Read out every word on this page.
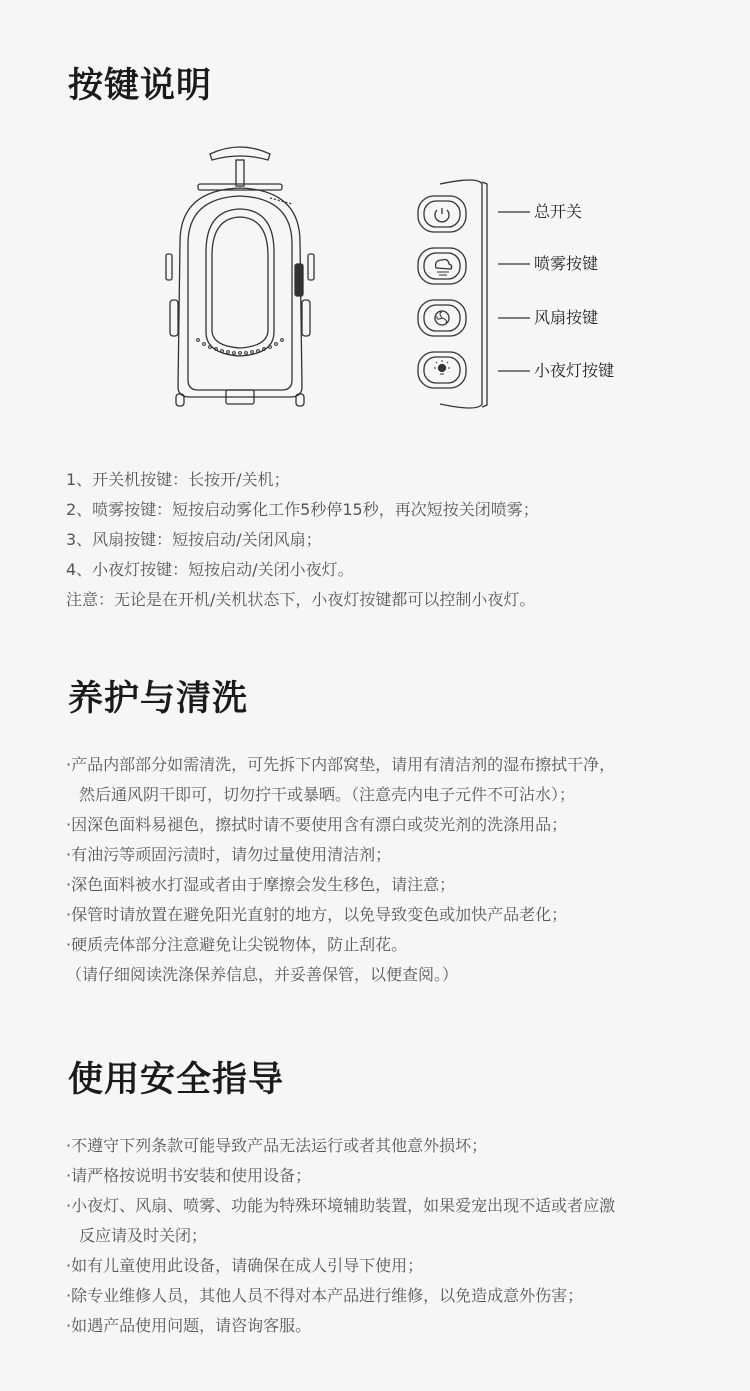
按键说明
总开关
喷雾按键
风扇按键
小夜灯按键
1、开关机按键：长按开/关机；
2、喷雾按键：短按启动雾化工作5秒停15秒，再次短按关闭喷雾；
3、风扇按键：短按启动/关闭风扇；
4、小夜灯按键：短按启动/关闭小夜灯。
注意：无论是在开机/关机状态下，小夜灯按键都可以控制小夜灯。
养护与清洗
·产品内部部分如需清洗，可先拆下内部窝垫，请用有清洁剂的湿布擦拭干净，
然后通风阴干即可，切勿拧干或暴晒。（注意壳内电子元件不可沾水）；
·因深色面料易褪色，擦拭时请不要使用含有漂白或荧光剂的洗涤用品；
·有油污等顽固污渍时，请勿过量使用清洁剂；
·深色面料被水打湿或者由于摩擦会发生移色，请注意；
·保管时请放置在避免阳光直射的地方，以免导致变色或加快产品老化；
·硬质壳体部分注意避免让尖锐物体，防止刮花。
（请仔细阅读洗涤保养信息，并妥善保管，以便查阅。）
使用安全指导
·不遵守下列条款可能导致产品无法运行或者其他意外损坏；
·请严格按说明书安装和使用设备；
·小夜灯、风扇、喷雾、功能为特殊环境辅助装置，如果爱宠出现不适或者应激
反应请及时关闭；
·如有儿童使用此设备，请确保在成人引导下使用；
·除专业维修人员，其他人员不得对本产品进行维修，以免造成意外伤害；
·如遇产品使用问题，请咨询客服。
